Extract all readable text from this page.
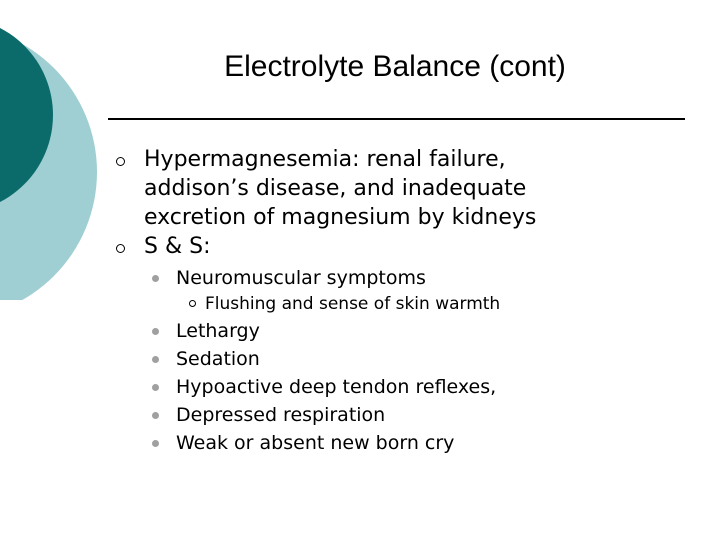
Electrolyte Balance (cont)
Hypermagnesemia: renal failure,
addison’s disease, and inadequate
excretion of magnesium by kidneys
S & S:
Neuromuscular symptoms
Flushing and sense of skin warmth
Lethargy
Sedation
Hypoactive deep tendon reflexes,
Depressed respiration
Weak or absent new born cry
